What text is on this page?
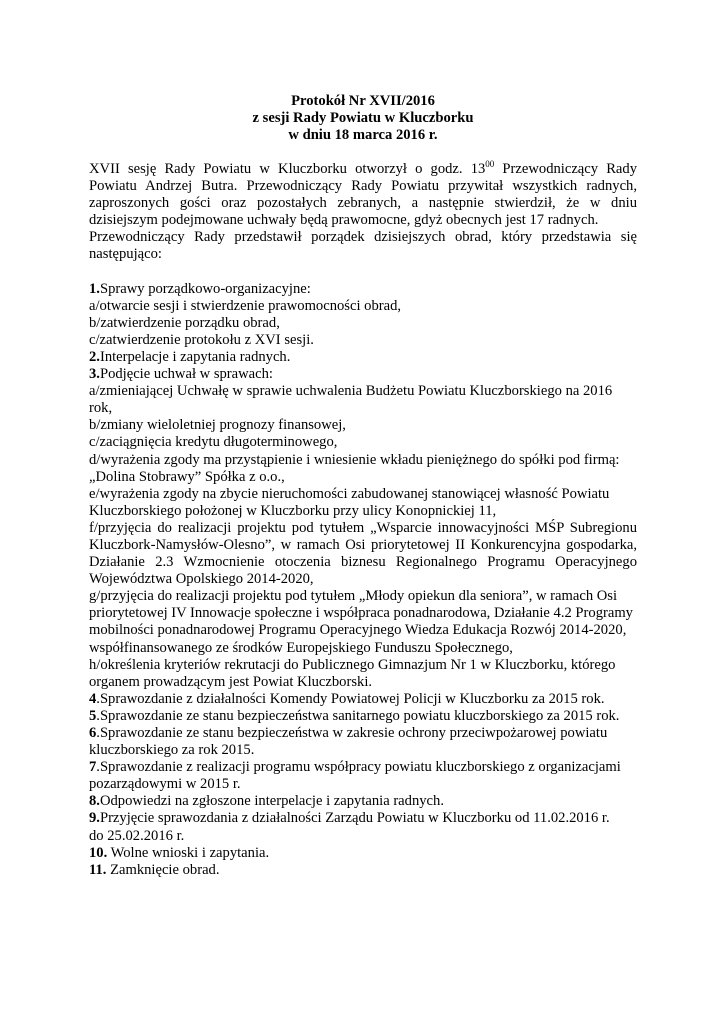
Protokół Nr XVII/2016
z sesji Rady Powiatu w Kluczborku
w dniu 18 marca 2016 r.

XVII sesję Rady Powiatu w Kluczborku otworzył o godz. $13^{00}$ Przewodniczący Rady Powiatu Andrzej Butra. Przewodniczący Rady Powiatu przywitał wszystkich radnych, zaproszonych gości oraz pozostałych zebranych, a następnie stwierdził, że w dniu dzisiejszym podejmowane uchwały będą prawomocne, gdyż obecnych jest 17 radnych.

Przewodniczący Rady przedstawił porządek dzisiejszych obrad, który przedstawia się następująco:

1.Sprawy porządkowo-organizacyjne:

a/otwarcie sesji i stwierdzenie prawomocności obrad,

b/zatwierdzenie porządku obrad,

c/zatwierdzenie protokołu z XVI sesji.

2.Interpelacje i zapytania radnych.

3.Podjęcie uchwał w sprawach:

a/zmieniającej Uchwałę w sprawie uchwalenia Budżetu Powiatu Kluczborskiego na 2016 rok,

b/zmiany wieloletniej prognozy finansowej,

c/zaciągnięcia kredytu długoterminowego,

d/wyrażenia zgody ma przystąpienie i wniesienie wkładu pieniężnego do spółki pod firmą: „Dolina Stobrawy” Spółka z o.o.,

e/wyrażenia zgody na zbycie nieruchomości zabudowanej stanowiącej własność Powiatu Kluczborskiego położonej w Kluczborku przy ulicy Konopnickiej 11,

f/przyjęcia do realizacji projektu pod tytułem „Wsparcie innowacyjności MŚP Subregionu Kluczbork-Namysłów-Olesno”, w ramach Osi priorytetowej II Konkurencyjna gospodarka, Działanie 2.3 Wzmocnienie otoczenia biznesu Regionalnego Programu Operacyjnego Województwa Opolskiego 2014-2020,

g/przyjęcia do realizacji projektu pod tytułem „Młody opiekun dla seniora”, w ramach Osi priorytetowej IV Innowacje społeczne i współpraca ponadnarodowa, Działanie 4.2 Programy mobilności ponadnarodowej Programu Operacyjnego Wiedza Edukacja Rozwój 2014-2020, współfinansowanego ze środków Europejskiego Funduszu Społecznego,

h/określenia kryteriów rekrutacji do Publicznego Gimnazjum Nr 1 w Kluczborku, którego organem prowadzącym jest Powiat Kluczborski.

4.Sprawozdanie z działalności Komendy Powiatowej Policji w Kluczborku za 2015 rok.

5.Sprawozdanie ze stanu bezpieczeństwa sanitarnego powiatu kluczborskiego za 2015 rok.

6.Sprawozdanie ze stanu bezpieczeństwa w zakresie ochrony przeciwpożarowej powiatu kluczborskiego za rok 2015.

7.Sprawozdanie z realizacji programu współpracy powiatu kluczborskiego z organizacjami pozarządowymi w 2015 r.

8.Odpowiedzi na zgłoszone interpelacje i zapytania radnych.

9.Przyjęcie sprawozdania z działalności Zarządu Powiatu w Kluczborku od 11.02.2016 r.
do 25.02.2016 r.

10. Wolne wnioski i zapytania.

11. Zamknięcie obrad.
